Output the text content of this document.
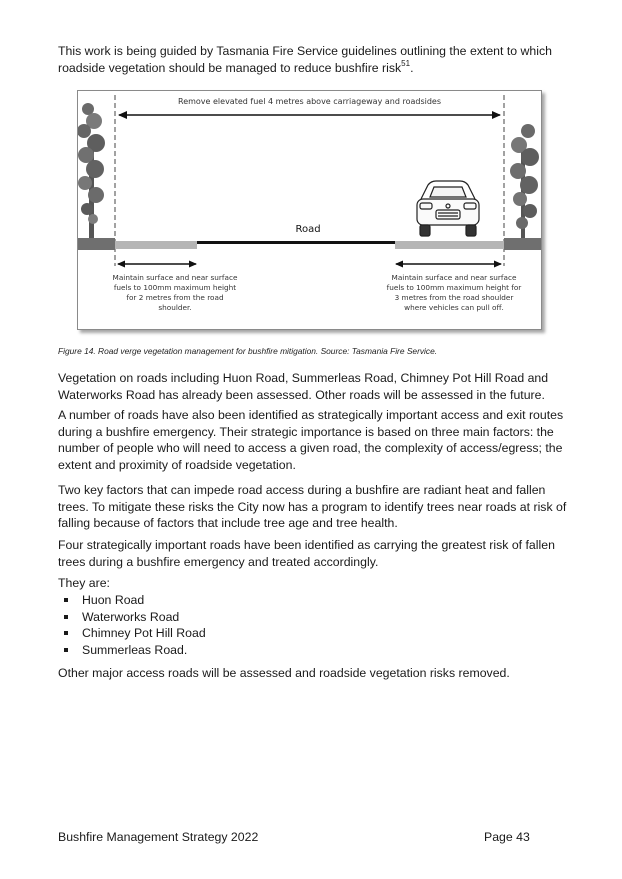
This work is being guided by Tasmania Fire Service guidelines outlining the extent to which roadside vegetation should be managed to reduce bushfire risk$^{51}$.

Remove elevated fuel 4 metres above carriageway and roadsides
Road
Maintain surface and near surface fuels to 100mm maximum height for 2 metres from the road shoulder.
Maintain surface and near surface fuels to 100mm maximum height for 3 metres from the road shoulder where vehicles can pull off.

Figure 14. Road verge vegetation management for bushfire mitigation. Source: Tasmania Fire Service.

Vegetation on roads including Huon Road, Summerleas Road, Chimney Pot Hill Road and Waterworks Road has already been assessed. Other roads will be assessed in the future.

A number of roads have also been identified as strategically important access and exit routes during a bushfire emergency. Their strategic importance is based on three main factors: the number of people who will need to access a given road, the complexity of access/egress; the extent and proximity of roadside vegetation.

Two key factors that can impede road access during a bushfire are radiant heat and fallen trees. To mitigate these risks the City now has a program to identify trees near roads at risk of falling because of factors that include tree age and tree health.

Four strategically important roads have been identified as carrying the greatest risk of fallen trees during a bushfire emergency and treated accordingly.

They are:

Huon Road
Waterworks Road
Chimney Pot Hill Road
Summerleas Road.

Other major access roads will be assessed and roadside vegetation risks removed.

Bushfire Management Strategy 2022	Page 43
